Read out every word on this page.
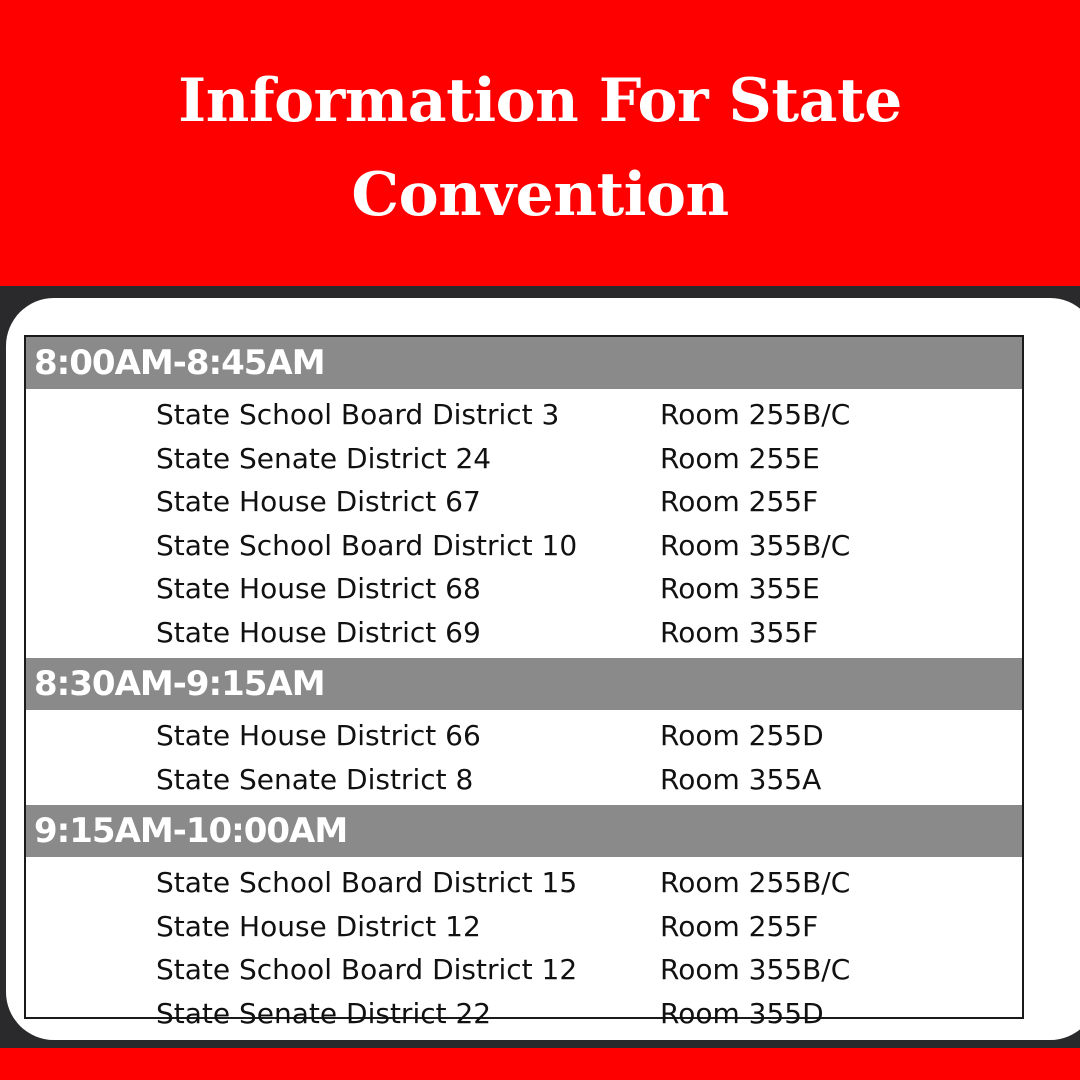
Information For State
Convention
8:00AM-8:45AM
State School Board District 3	Room 255B/C
State Senate District 24	Room 255E
State House District 67	Room 255F
State School Board District 10	Room 355B/C
State House District 68	Room 355E
State House District 69	Room 355F
8:30AM-9:15AM
State House District 66	Room 255D
State Senate District 8	Room 355A
9:15AM-10:00AM
State School Board District 15	Room 255B/C
State House District 12	Room 255F
State School Board District 12	Room 355B/C
State Senate District 22	Room 355D
